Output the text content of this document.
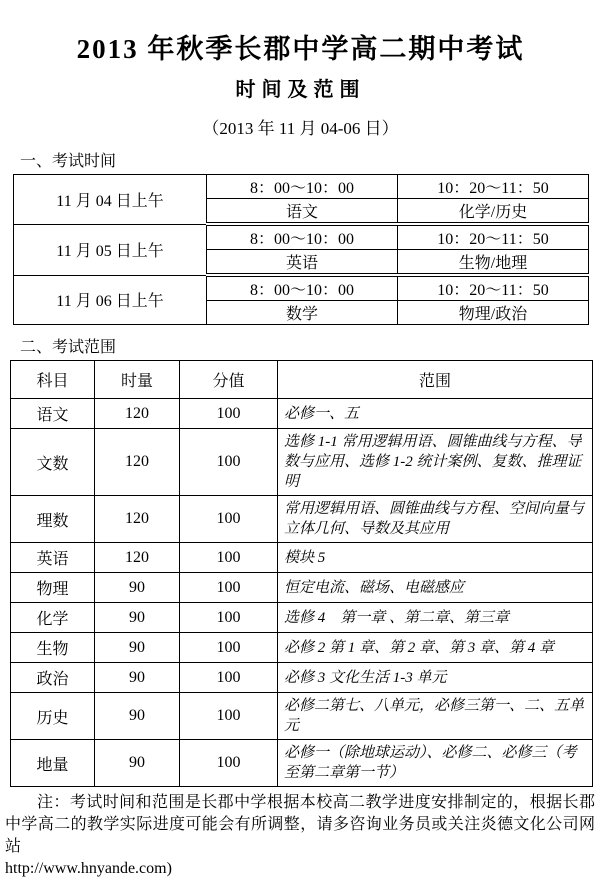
2013 年秋季长郡中学高二期中考试
时间及范围
（2013 年 11 月 04-06 日）
一、考试时间
11 月 04 日上午	8：00～10：00	10：20～11：50
	语文	化学/历史
11 月 05 日上午	8：00～10：00	10：20～11：50
	英语	生物/地理
11 月 06 日上午	8：00～10：00	10：20～11：50
	数学	物理/政治
二、考试范围
科目	时量	分值	范围
语文	120	100	必修一、五
文数	120	100	选修 1-1 常用逻辑用语、圆锥曲线与方程、导数与应用、选修 1-2 统计案例、复数、推理证明
理数	120	100	常用逻辑用语、圆锥曲线与方程、空间向量与立体几何、导数及其应用
英语	120	100	模块 5
物理	90	100	恒定电流、磁场、电磁感应
化学	90	100	选修 4　第一章 、第二章、第三章
生物	90	100	必修 2 第 1 章、第 2 章、第 3 章、第 4 章
政治	90	100	必修 3 文化生活 1-3 单元
历史	90	100	必修二第七、八单元，必修三第一、二、五单元
地量	90	100	必修一（除地球运动）、必修二、必修三（考至第二章第一节）
注：考试时间和范围是长郡中学根据本校高二教学进度安排制定的，根据长郡中学高二的教学实际进度可能会有所调整，请多咨询业务员或关注炎德文化公司网站
http://www.hnyande.com)
